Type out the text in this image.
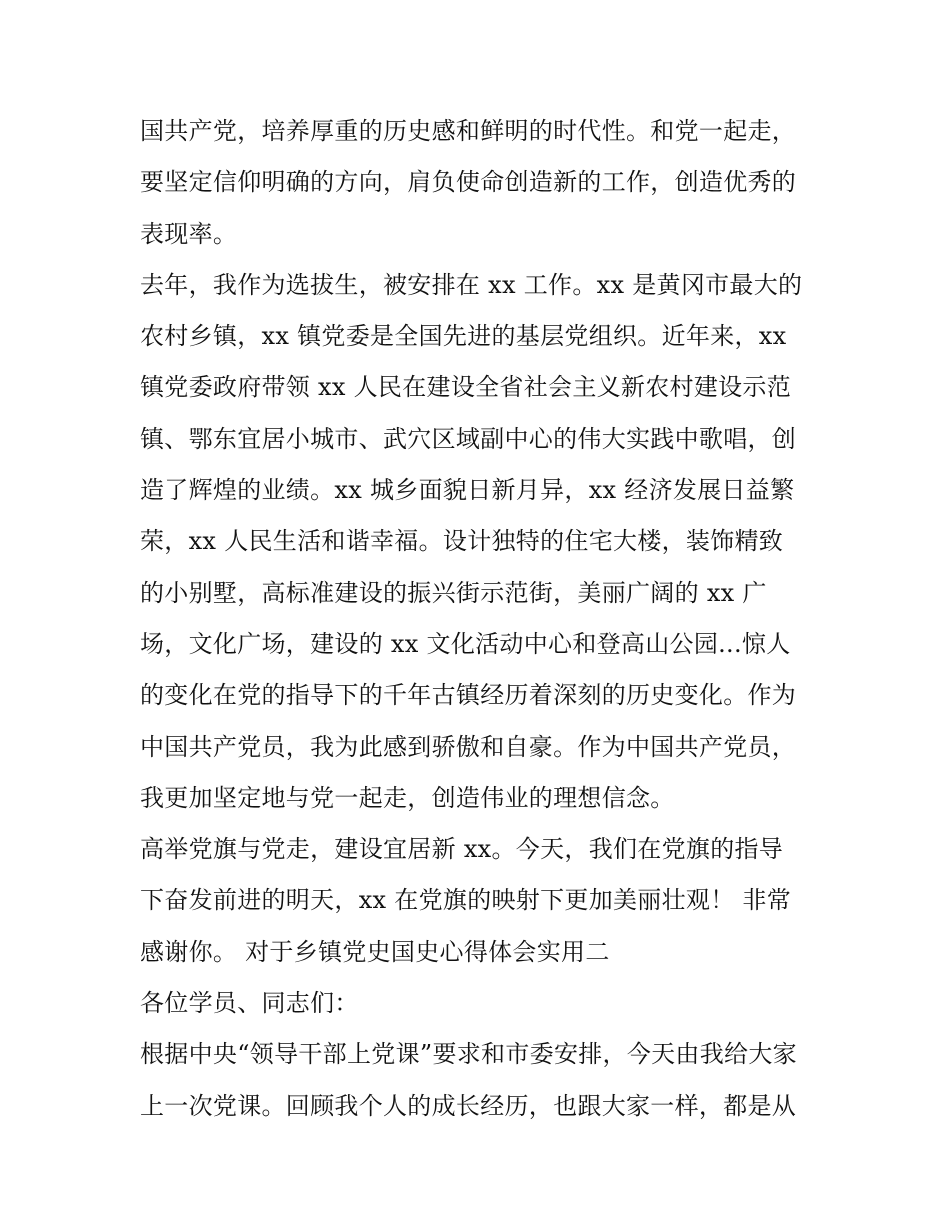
国共产党，培养厚重的历史感和鲜明的时代性。和党一起走，
要坚定信仰明确的方向，肩负使命创造新的工作，创造优秀的
表现率。
去年，我作为选拔生，被安排在 xx 工作。xx 是黄冈市最大的
农村乡镇，xx 镇党委是全国先进的基层党组织。近年来，xx
镇党委政府带领 xx 人民在建设全省社会主义新农村建设示范
镇、鄂东宜居小城市、武穴区域副中心的伟大实践中歌唱，创
造了辉煌的业绩。xx 城乡面貌日新月异，xx 经济发展日益繁
荣，xx 人民生活和谐幸福。设计独特的住宅大楼，装饰精致
的小别墅，高标准建设的振兴街示范街，美丽广阔的 xx 广
场，文化广场，建设的 xx 文化活动中心和登高山公园...惊人
的变化在党的指导下的千年古镇经历着深刻的历史变化。作为
中国共产党员，我为此感到骄傲和自豪。作为中国共产党员，
我更加坚定地与党一起走，创造伟业的理想信念。
高举党旗与党走，建设宜居新 xx。今天，我们在党旗的指导
下奋发前进的明天，xx 在党旗的映射下更加美丽壮观！ 非常
感谢你。 对于乡镇党史国史心得体会实用二
各位学员、同志们：
根据中央“领导干部上党课”要求和市委安排，今天由我给大家
上一次党课。回顾我个人的成长经历，也跟大家一样，都是从
